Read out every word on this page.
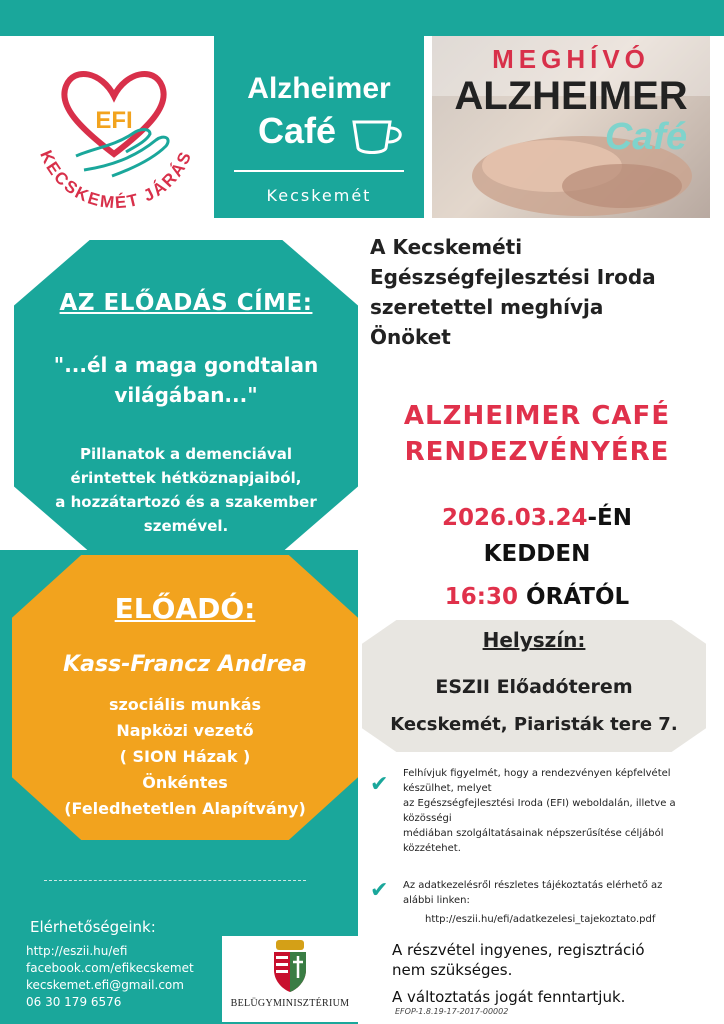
EFI
KECSKEMÉT JÁRÁS
Alzheimer
Café
Kecskemét
MEGHÍVÓ
ALZHEIMER
Café
AZ ELŐADÁS CÍME:
"...él a maga gondtalan
világában..."
Pillanatok a demenciával
érintettek hétköznapjaiból,
a hozzátartozó és a szakember
szemével.
ELŐADÓ:
Kass-Francz Andrea
szociális munkás
Napközi vezető
( SION Házak )
Önkéntes
(Feledhetetlen Alapítvány)
Elérhetőségeink:
http://eszii.hu/efi
facebook.com/efikecskemet
kecskemet.efi@gmail.com
06 30 179 6576	BELÜGYMINISZTÉRIUM
A Kecskeméti
Egészségfejlesztési Iroda
szeretettel meghívja
Önöket
ALZHEIMER CAFÉ
RENDEZVÉNYÉRE
2026.03.24-ÉN
KEDDEN
16:30 ÓRÁTÓL
Helyszín:
ESZII Előadóterem
Kecskemét, Piaristák tere 7.
✔	Felhívjuk figyelmét, hogy a rendezvényen képfelvétel
készülhet, melyet
az Egészségfejlesztési Iroda (EFI) weboldalán, illetve a
közösségi
médiában szolgáltatásainak népszerűsítése céljából
közzétehet.
✔	Az adatkezelésről részletes tájékoztatás elérhető az
alábbi linken:
http://eszii.hu/efi/adatkezelesi_tajekoztato.pdf
A részvétel ingyenes, regisztráció
nem szükséges.
A változtatás jogát fenntartjuk.
EFOP-1.8.19-17-2017-00002
